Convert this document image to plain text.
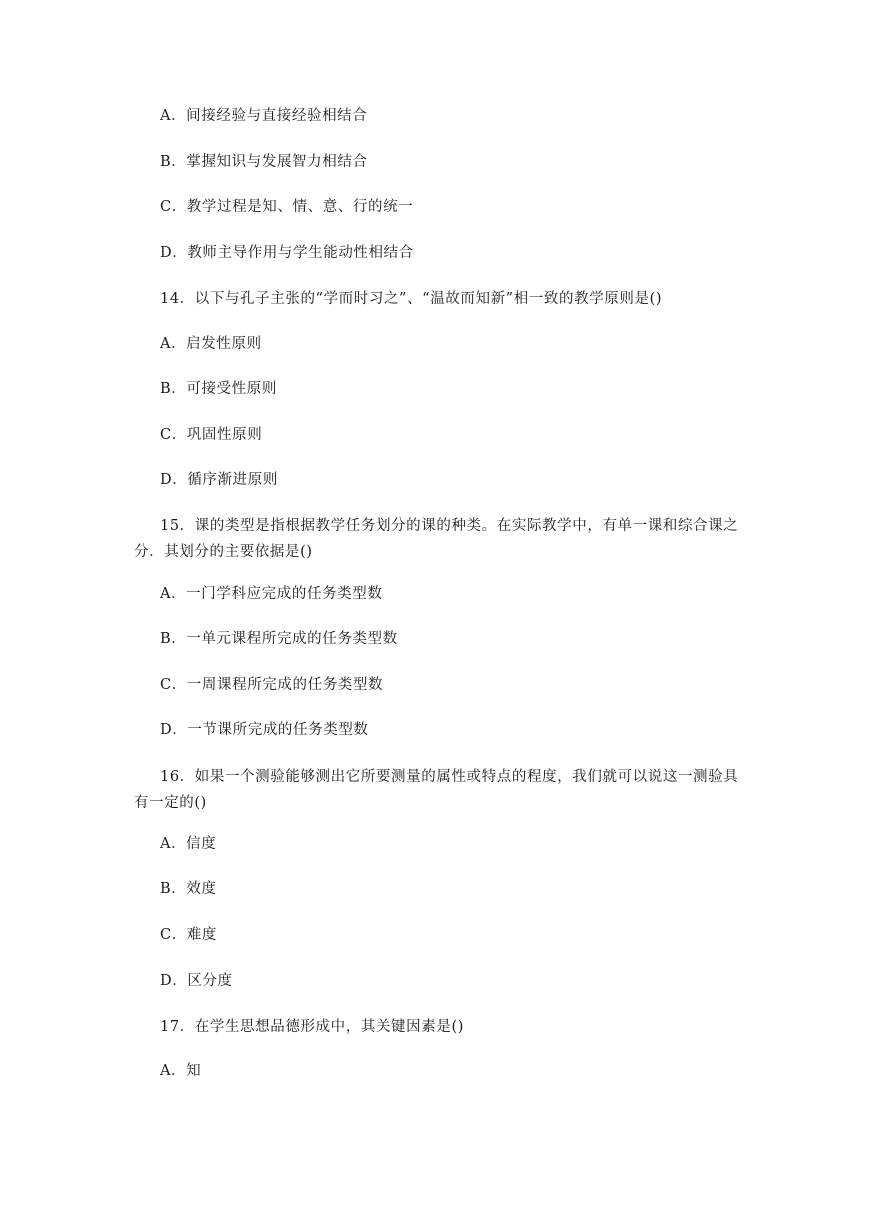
A．间接经验与直接经验相结合
B．掌握知识与发展智力相结合
C．教学过程是知、情、意、行的统一
D．教师主导作用与学生能动性相结合

14．以下与孔子主张的“学而时习之”、“温故而知新”相一致的教学原则是()

A．启发性原则
B．可接受性原则
C．巩固性原则
D．循序渐进原则

15．课的类型是指根据教学任务划分的课的种类。在实际教学中，有单一课和综合课之分．其划分的主要依据是()

A．一门学科应完成的任务类型数
B．一单元课程所完成的任务类型数
C．一周课程所完成的任务类型数
D．一节课所完成的任务类型数

16．如果一个测验能够测出它所要测量的属性或特点的程度，我们就可以说这一测验具有一定的()

A．信度
B．效度
C．难度
D．区分度

17．在学生思想品德形成中，其关键因素是()

A．知
